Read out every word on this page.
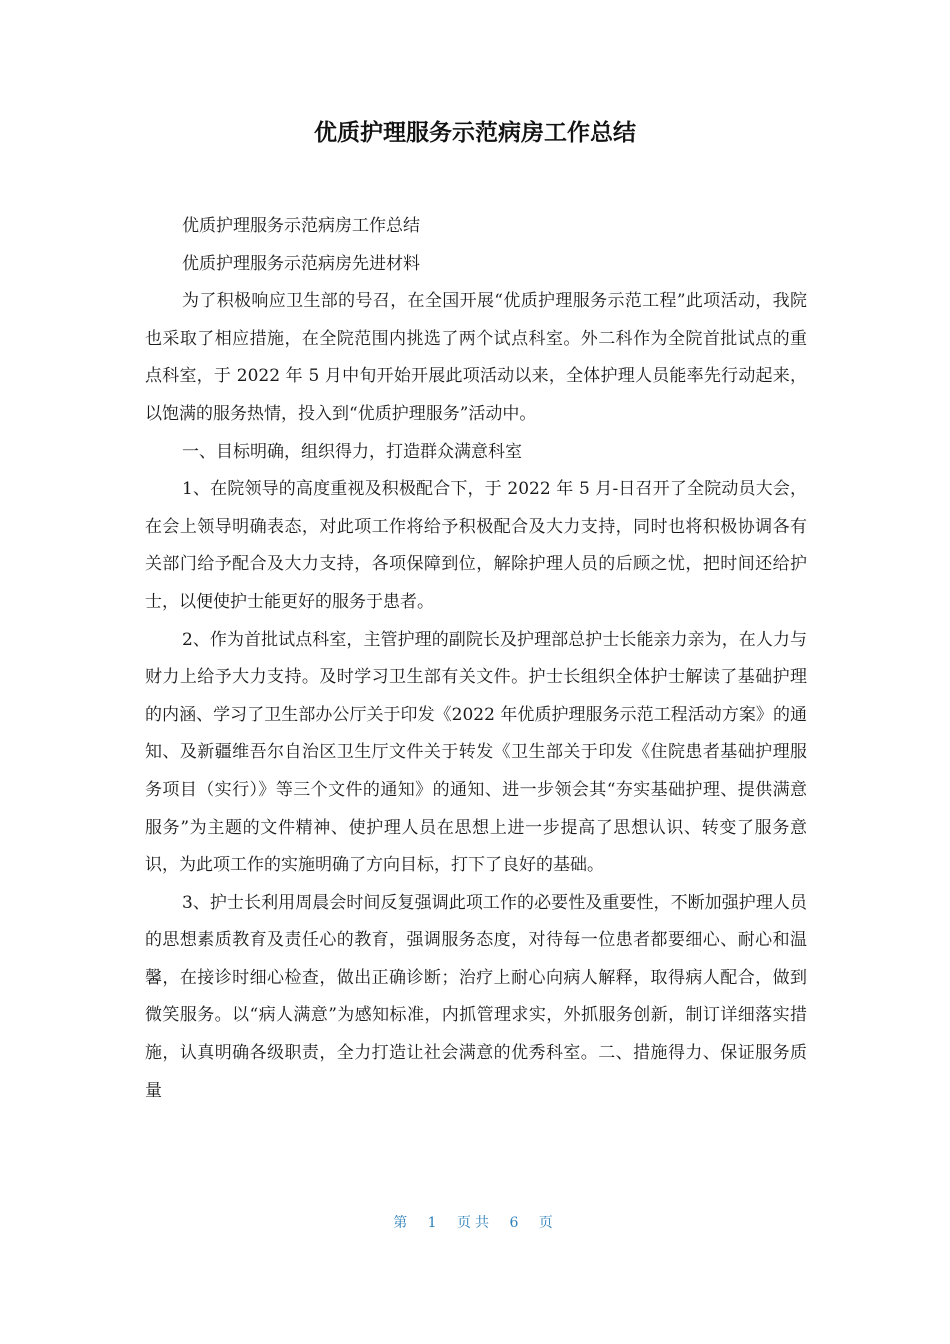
优质护理服务示范病房工作总结

优质护理服务示范病房工作总结

优质护理服务示范病房先进材料

为了积极响应卫生部的号召，在全国开展“优质护理服务示范工程”此项活动，我院也采取了相应措施，在全院范围内挑选了两个试点科室。外二科作为全院首批试点的重点科室，于 2022 年 5 月中旬开始开展此项活动以来，全体护理人员能率先行动起来，以饱满的服务热情，投入到“优质护理服务”活动中。

一、目标明确，组织得力，打造群众满意科室

1、在院领导的高度重视及积极配合下，于 2022 年 5 月-日召开了全院动员大会，在会上领导明确表态，对此项工作将给予积极配合及大力支持，同时也将积极协调各有关部门给予配合及大力支持，各项保障到位，解除护理人员的后顾之忧，把时间还给护士，以便使护士能更好的服务于患者。

2、作为首批试点科室，主管护理的副院长及护理部总护士长能亲力亲为，在人力与财力上给予大力支持。及时学习卫生部有关文件。护士长组织全体护士解读了基础护理的内涵、学习了卫生部办公厅关于印发《2022 年优质护理服务示范工程活动方案》的通知、及新疆维吾尔自治区卫生厅文件关于转发《卫生部关于印发《住院患者基础护理服务项目（实行）》等三个文件的通知》的通知、进一步领会其“夯实基础护理、提供满意服务”为主题的文件精神、使护理人员在思想上进一步提高了思想认识、转变了服务意识，为此项工作的实施明确了方向目标，打下了良好的基础。

3、护士长利用周晨会时间反复强调此项工作的必要性及重要性，不断加强护理人员的思想素质教育及责任心的教育，强调服务态度，对待每一位患者都要细心、耐心和温馨，在接诊时细心检查，做出正确诊断；治疗上耐心向病人解释，取得病人配合，做到微笑服务。以“病人满意”为感知标准，内抓管理求实，外抓服务创新，制订详细落实措施，认真明确各级职责，全力打造让社会满意的优秀科室。二、措施得力、保证服务质量

第 1 页共 6 页
